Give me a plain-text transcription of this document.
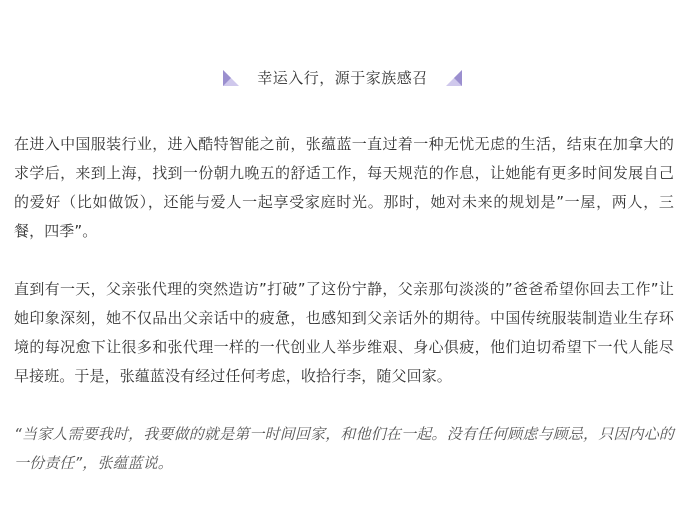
幸运入行，源于家族感召

在进入中国服装行业，进入酷特智能之前，张蕴蓝一直过着一种无忧无虑的生活，结束在加拿大的求学后，来到上海，找到一份朝九晚五的舒适工作，每天规范的作息，让她能有更多时间发展自己的爱好（比如做饭），还能与爱人一起享受家庭时光。那时，她对未来的规划是”一屋，两人，三餐，四季”。

直到有一天，父亲张代理的突然造访”打破”了这份宁静，父亲那句淡淡的”爸爸希望你回去工作”让她印象深刻，她不仅品出父亲话中的疲惫，也感知到父亲话外的期待。中国传统服装制造业生存环境的每况愈下让很多和张代理一样的一代创业人举步维艰、身心俱疲，他们迫切希望下一代人能尽早接班。于是，张蕴蓝没有经过任何考虑，收拾行李，随父回家。

“当家人需要我时，我要做的就是第一时间回家，和他们在一起。没有任何顾虑与顾忌，只因内心的一份责任”，张蕴蓝说。
